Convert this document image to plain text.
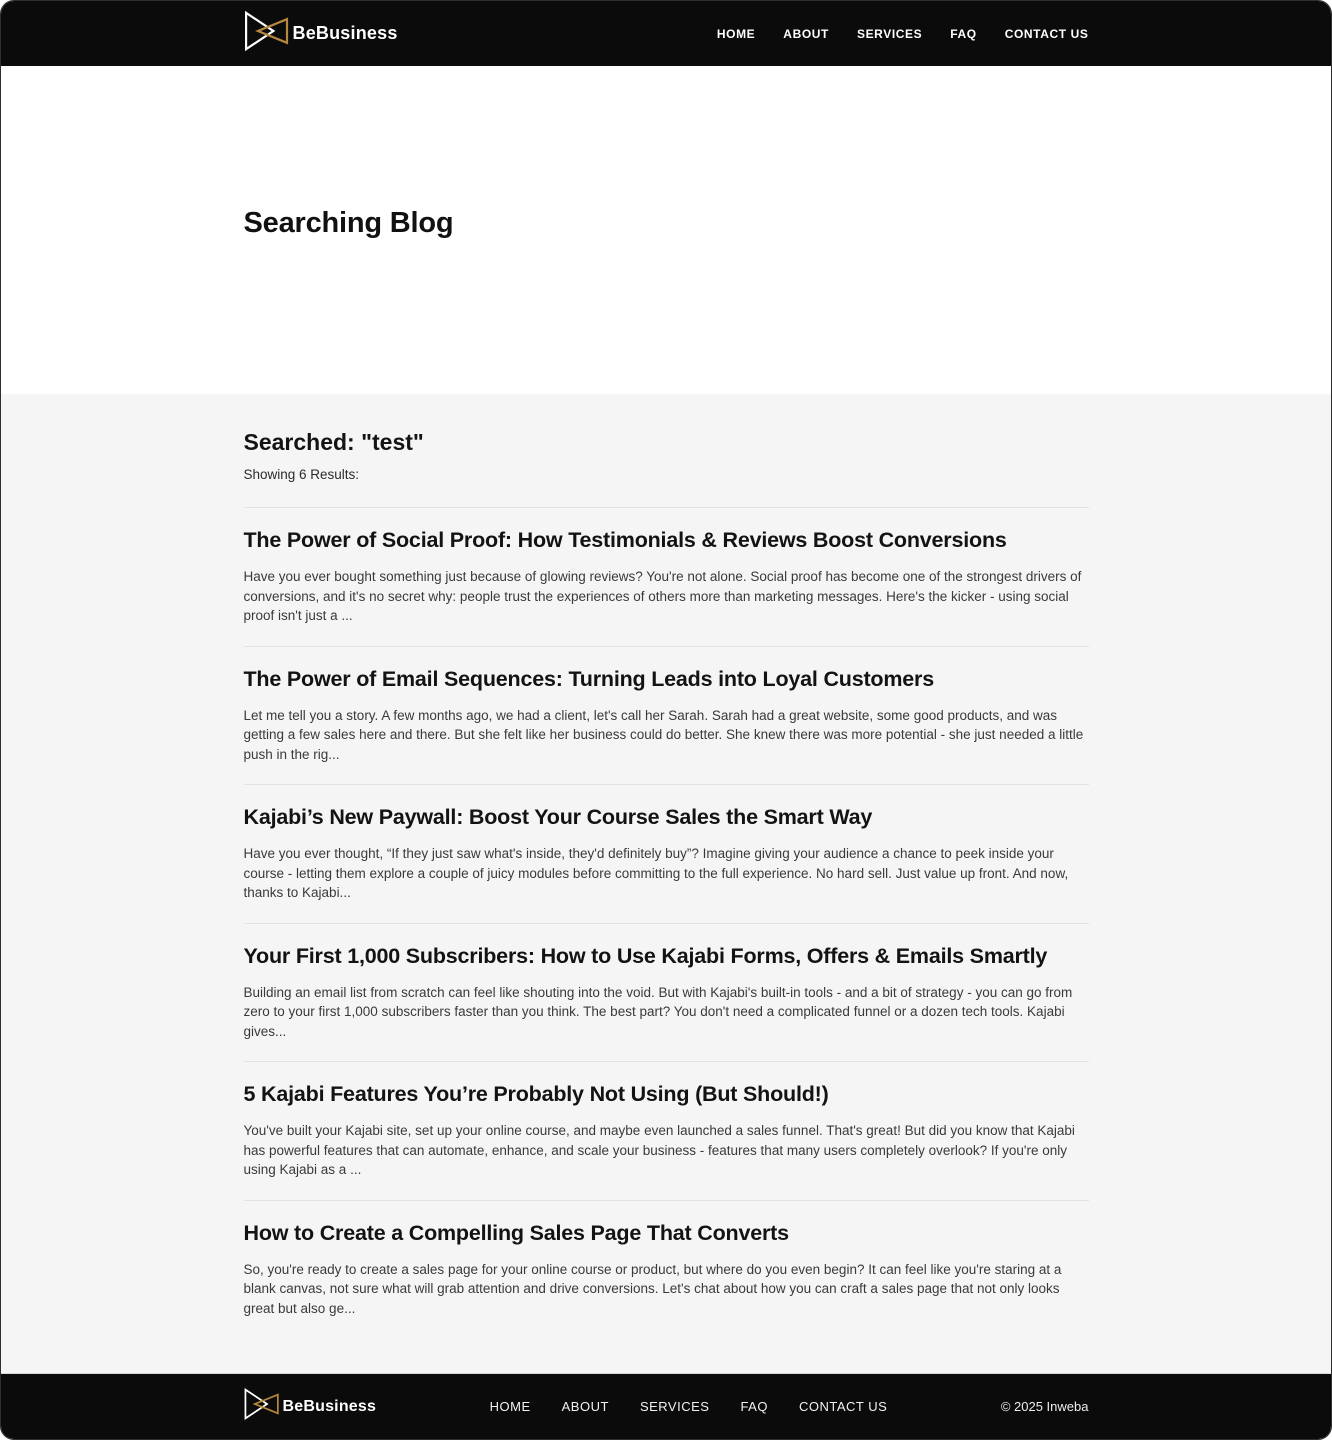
BeBusiness	HOME ABOUT SERVICES FAQ CONTACT US
Searching Blog
Searched: "test"

Showing 6 Results:

The Power of Social Proof: How Testimonials & Reviews Boost Conversions

Have you ever bought something just because of glowing reviews? You're not alone. Social proof has become one of the strongest drivers of conversions, and it's no secret why: people trust the experiences of others more than marketing messages. Here's the kicker - using social proof isn't just a ...

The Power of Email Sequences: Turning Leads into Loyal Customers

Let me tell you a story. A few months ago, we had a client, let's call her Sarah. Sarah had a great website, some good products, and was getting a few sales here and there. But she felt like her business could do better. She knew there was more potential - she just needed a little push in the rig...

Kajabi’s New Paywall: Boost Your Course Sales the Smart Way

Have you ever thought, “If they just saw what's inside, they'd definitely buy”? Imagine giving your audience a chance to peek inside your course - letting them explore a couple of juicy modules before committing to the full experience. No hard sell. Just value up front. And now, thanks to Kajabi...

Your First 1,000 Subscribers: How to Use Kajabi Forms, Offers & Emails Smartly

Building an email list from scratch can feel like shouting into the void. But with Kajabi's built-in tools - and a bit of strategy - you can go from zero to your first 1,000 subscribers faster than you think. The best part? You don't need a complicated funnel or a dozen tech tools. Kajabi gives...

5 Kajabi Features You’re Probably Not Using (But Should!)

You've built your Kajabi site, set up your online course, and maybe even launched a sales funnel. That's great! But did you know that Kajabi has powerful features that can automate, enhance, and scale your business - features that many users completely overlook? If you're only using Kajabi as a ...

How to Create a Compelling Sales Page That Converts

So, you're ready to create a sales page for your online course or product, but where do you even begin? It can feel like you're staring at a blank canvas, not sure what will grab attention and drive conversions. Let's chat about how you can craft a sales page that not only looks great but also ge...

BeBusiness	HOME ABOUT SERVICES FAQ CONTACT US	© 2025 Inweba
